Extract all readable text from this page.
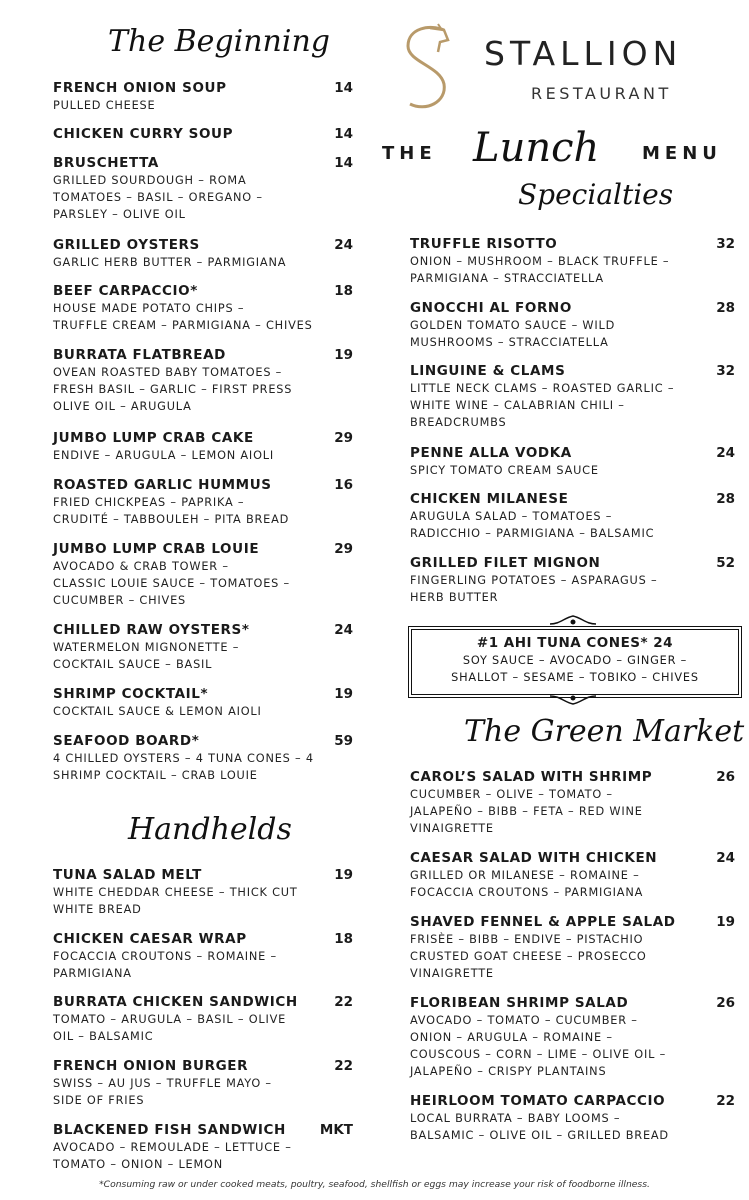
STALLION
RESTAURANT
THE Lunch MENU
The Beginning
Specialties
Handhelds
The Green Market
FRENCH ONION SOUP	14
PULLED CHEESE
CHICKEN CURRY SOUP	14
BRUSCHETTA	14
GRILLED SOURDOUGH – ROMA
TOMATOES – BASIL – OREGANO –
PARSLEY – OLIVE OIL
GRILLED OYSTERS	24
GARLIC HERB BUTTER – PARMIGIANA
BEEF CARPACCIO*	18
HOUSE MADE POTATO CHIPS –
TRUFFLE CREAM – PARMIGIANA – CHIVES
BURRATA FLATBREAD	19
OVEAN ROASTED BABY TOMATOES –
FRESH BASIL – GARLIC – FIRST PRESS
OLIVE OIL – ARUGULA
JUMBO LUMP CRAB CAKE	29
ENDIVE – ARUGULA – LEMON AIOLI
ROASTED GARLIC HUMMUS	16
FRIED CHICKPEAS – PAPRIKA –
CRUDITÉ – TABBOULEH – PITA BREAD
JUMBO LUMP CRAB LOUIE	29
AVOCADO & CRAB TOWER –
CLASSIC LOUIE SAUCE – TOMATOES –
CUCUMBER – CHIVES
CHILLED RAW OYSTERS*	24
WATERMELON MIGNONETTE –
COCKTAIL SAUCE – BASIL
SHRIMP COCKTAIL*	19
COCKTAIL SAUCE & LEMON AIOLI
SEAFOOD BOARD*	59
4 CHILLED OYSTERS – 4 TUNA CONES – 4
SHRIMP COCKTAIL – CRAB LOUIE
TUNA SALAD MELT	19
WHITE CHEDDAR CHEESE – THICK CUT
WHITE BREAD
CHICKEN CAESAR WRAP	18
FOCACCIA CROUTONS – ROMAINE –
PARMIGIANA
BURRATA CHICKEN SANDWICH	22
TOMATO – ARUGULA – BASIL – OLIVE
OIL – BALSAMIC
FRENCH ONION BURGER	22
SWISS – AU JUS – TRUFFLE MAYO –
SIDE OF FRIES
BLACKENED FISH SANDWICH	MKT
AVOCADO – REMOULADE – LETTUCE –
TOMATO – ONION – LEMON
TRUFFLE RISOTTO	32
ONION – MUSHROOM – BLACK TRUFFLE –
PARMIGIANA – STRACCIATELLA
GNOCCHI AL FORNO	28
GOLDEN TOMATO SAUCE – WILD
MUSHROOMS – STRACCIATELLA
LINGUINE & CLAMS	32
LITTLE NECK CLAMS – ROASTED GARLIC –
WHITE WINE – CALABRIAN CHILI –
BREADCRUMBS
PENNE ALLA VODKA	24
SPICY TOMATO CREAM SAUCE
CHICKEN MILANESE	28
ARUGULA SALAD – TOMATOES –
RADICCHIO – PARMIGIANA – BALSAMIC
GRILLED FILET MIGNON	52
FINGERLING POTATOES – ASPARAGUS –
HERB BUTTER
CAROL’S SALAD WITH SHRIMP	26
CUCUMBER – OLIVE – TOMATO –
JALAPEÑO – BIBB – FETA – RED WINE
VINAIGRETTE
CAESAR SALAD WITH CHICKEN	24
GRILLED OR MILANESE – ROMAINE –
FOCACCIA CROUTONS – PARMIGIANA
SHAVED FENNEL & APPLE SALAD	19
FRISÈE – BIBB – ENDIVE – PISTACHIO
CRUSTED GOAT CHEESE – PROSECCO
VINAIGRETTE
FLORIBEAN SHRIMP SALAD	26
AVOCADO – TOMATO – CUCUMBER –
ONION – ARUGULA – ROMAINE –
COUSCOUS – CORN – LIME – OLIVE OIL –
JALAPEÑO – CRISPY PLANTAINS
HEIRLOOM TOMATO CARPACCIO	22
LOCAL BURRATA – BABY LOOMS –
BALSAMIC – OLIVE OIL – GRILLED BREAD
#1 AHI TUNA CONES* 24
SOY SAUCE – AVOCADO – GINGER –
SHALLOT – SESAME – TOBIKO – CHIVES
*Consuming raw or under cooked meats, poultry, seafood, shellfish or eggs may increase your risk of foodborne illness.
